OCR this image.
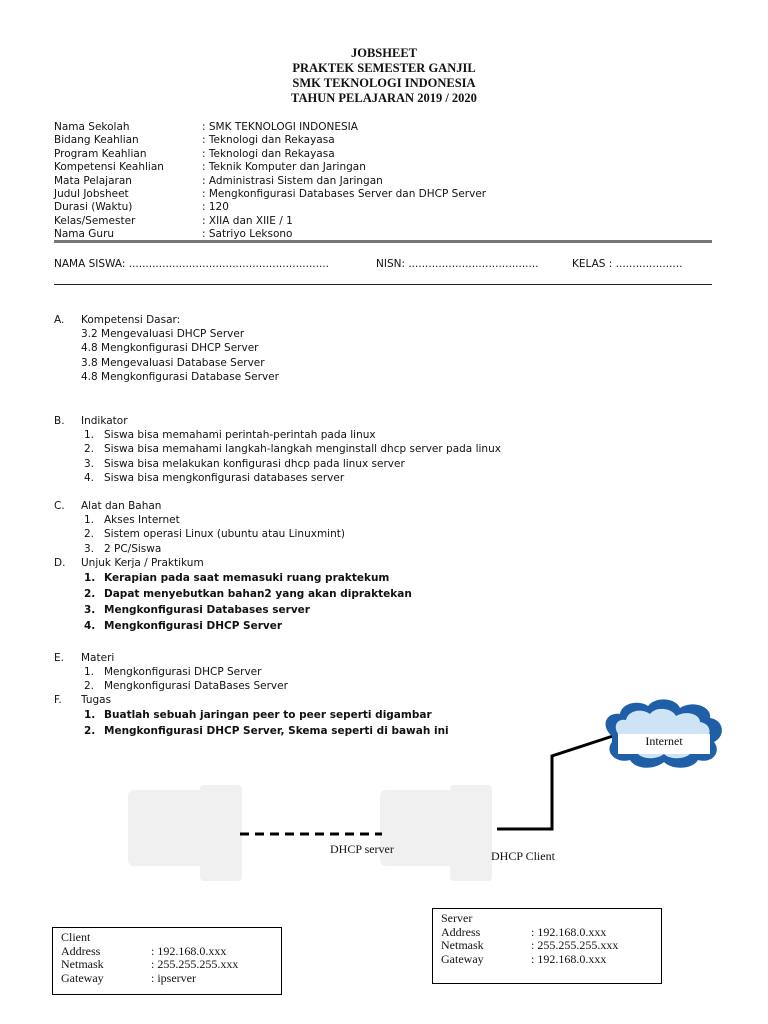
JOBSHEET
PRAKTEK SEMESTER GANJIL
SMK TEKNOLOGI INDONESIA
TAHUN PELAJARAN 2019 / 2020
Nama Sekolah	: SMK TEKNOLOGI INDONESIA
Bidang Keahlian	: Teknologi dan Rekayasa
Program Keahlian	: Teknologi dan Rekayasa
Kompetensi Keahlian	: Teknik Komputer dan Jaringan
Mata Pelajaran	: Administrasi Sistem dan Jaringan
Judul Jobsheet	: Mengkonfigurasi Databases Server dan DHCP Server
Durasi (Waktu)	: 120
Kelas/Semester	: XIIA dan XIIE / 1
Nama Guru	: Satriyo Leksono
NAMA SISWA: ............................................................	NISN: .......................................	KELAS : ....................
A.	Kompetensi Dasar:
3.2 Mengevaluasi DHCP Server
4.8 Mengkonfigurasi DHCP Server
3.8 Mengevaluasi Database Server
4.8 Mengkonfigurasi Database Server
B.	Indikator
1. Siswa bisa memahami perintah-perintah pada linux
2. Siswa bisa memahami langkah-langkah menginstall dhcp server pada linux
3. Siswa bisa melakukan konfigurasi dhcp pada linux server
4. Siswa bisa mengkonfigurasi databases server
C.	Alat dan Bahan
1. Akses Internet
2. Sistem operasi Linux (ubuntu atau Linuxmint)
3. 2 PC/Siswa
D.	Unjuk Kerja / Praktikum
1. Kerapian pada saat memasuki ruang praktekum
2. Dapat menyebutkan bahan2 yang akan dipraktekan
3. Mengkonfigurasi Databases server
4. Mengkonfigurasi DHCP Server
E.	Materi
1. Mengkonfigurasi DHCP Server
2. Mengkonfigurasi DataBases Server
F.	Tugas
1. Buatlah sebuah jaringan peer to peer seperti digambar
2. Mengkonfigurasi DHCP Server, Skema seperti di bawah ini
Internet
DHCP server	DHCP Client
Server
Address	: 192.168.0.xxx
Netmask	: 255.255.255.xxx
Gateway	: 192.168.0.xxx
Client
Address	: 192.168.0.xxx
Netmask	: 255.255.255.xxx
Gateway	: ipserver
